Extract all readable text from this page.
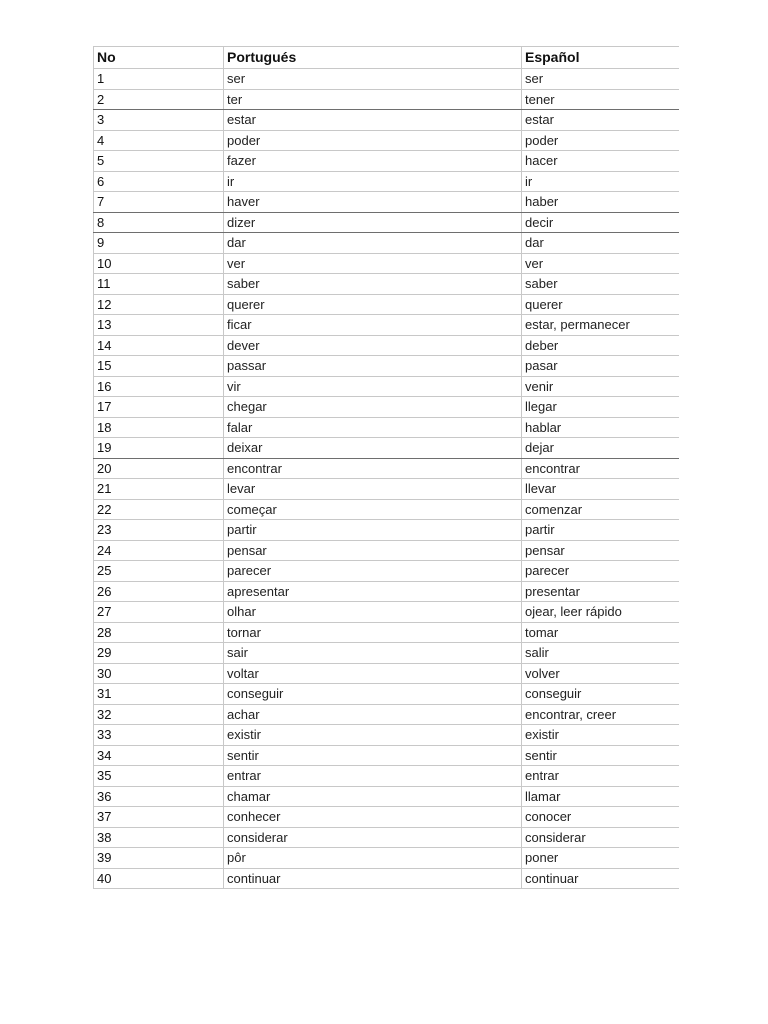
No	Portugués	Español
1	ser	ser
2	ter	tener
3	estar	estar
4	poder	poder
5	fazer	hacer
6	ir	ir
7	haver	haber
8	dizer	decir
9	dar	dar
10	ver	ver
11	saber	saber
12	querer	querer
13	ficar	estar, permanecer
14	dever	deber
15	passar	pasar
16	vir	venir
17	chegar	llegar
18	falar	hablar
19	deixar	dejar
20	encontrar	encontrar
21	levar	llevar
22	começar	comenzar
23	partir	partir
24	pensar	pensar
25	parecer	parecer
26	apresentar	presentar
27	olhar	ojear, leer rápido
28	tornar	tomar
29	sair	salir
30	voltar	volver
31	conseguir	conseguir
32	achar	encontrar, creer
33	existir	existir
34	sentir	sentir
35	entrar	entrar
36	chamar	llamar
37	conhecer	conocer
38	considerar	considerar
39	pôr	poner
40	continuar	continuar
